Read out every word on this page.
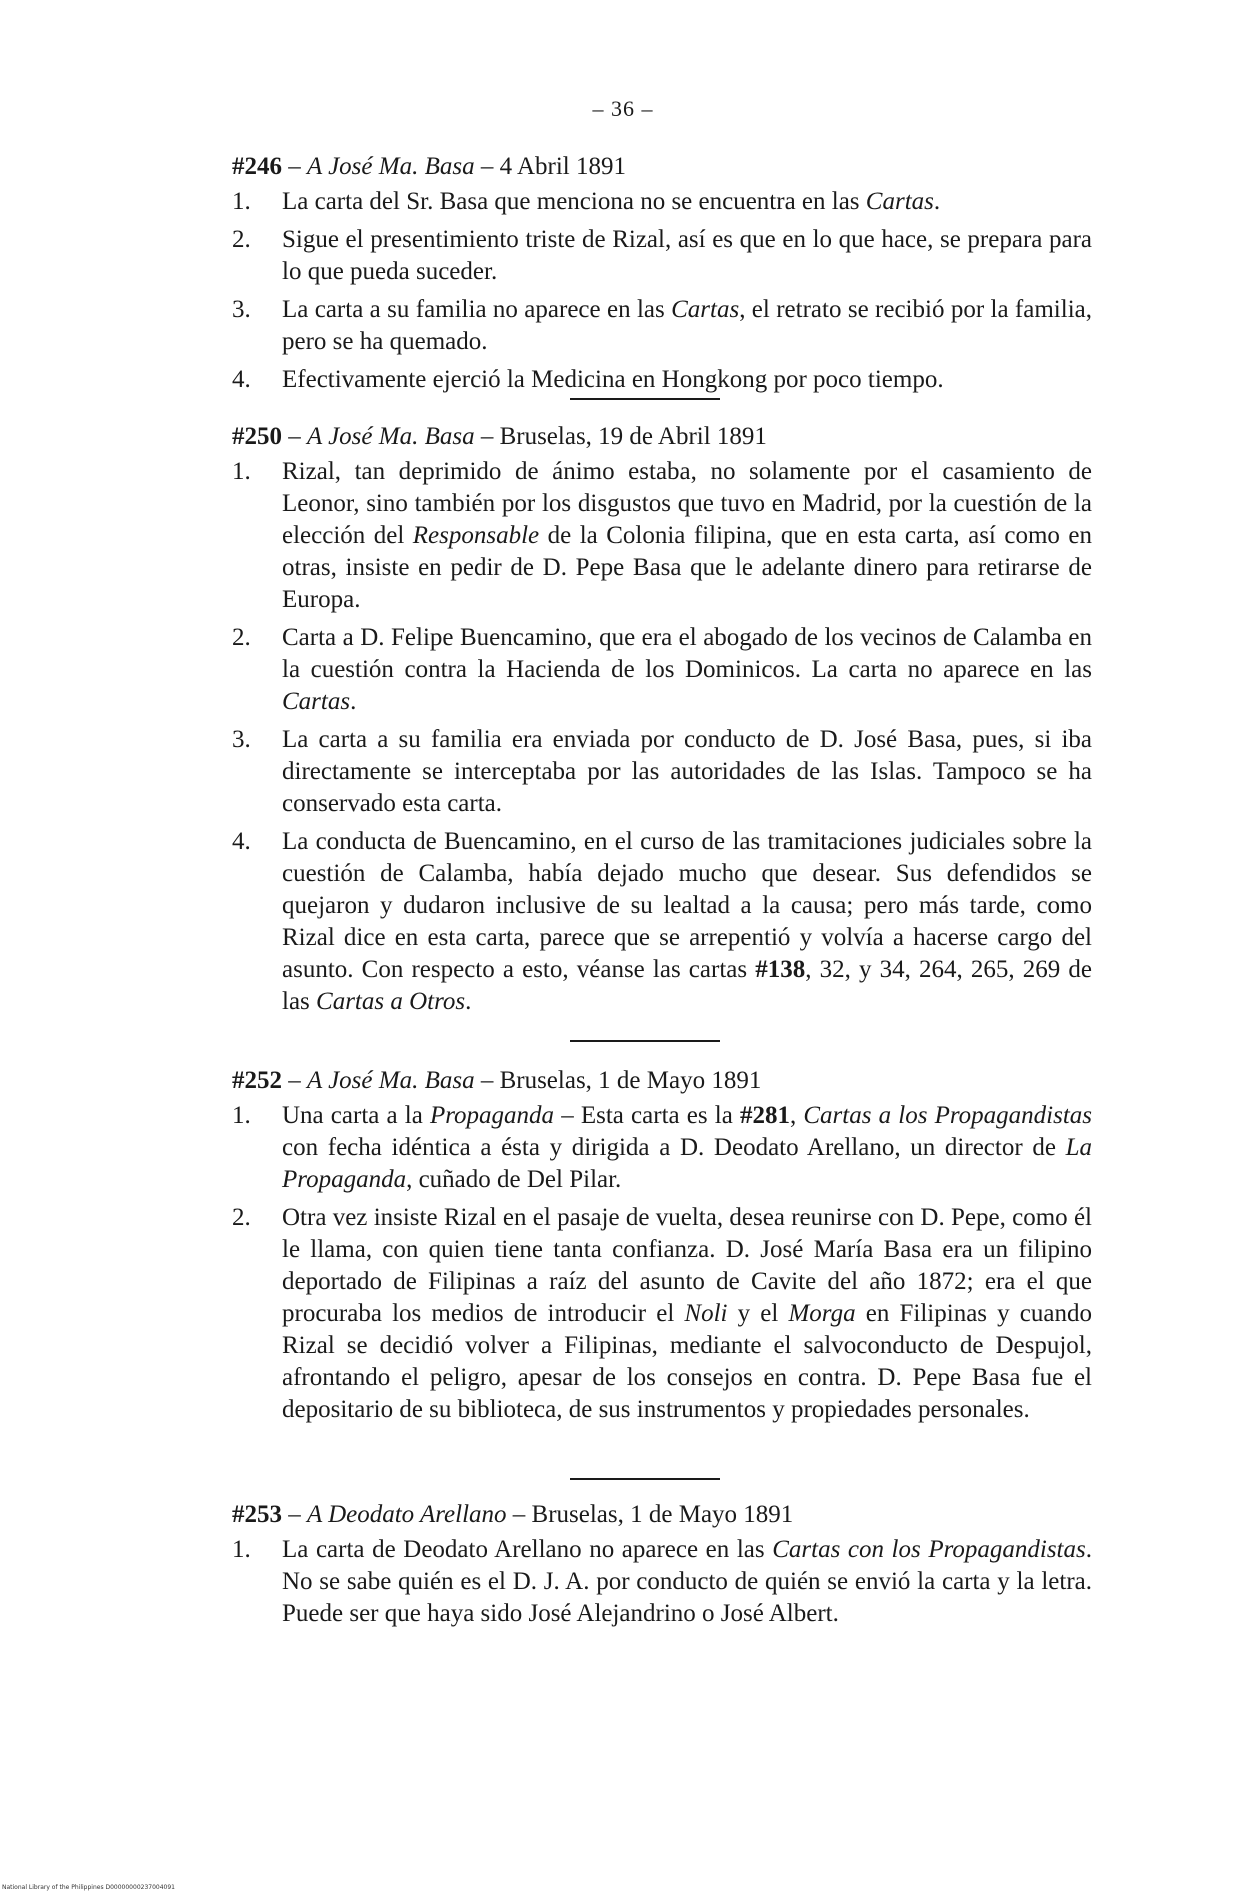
– 36 –
#246 – A José Ma. Basa – 4 Abril 1891
1. La carta del Sr. Basa que menciona no se encuentra en las Cartas.
2. Sigue el presentimiento triste de Rizal, así es que en lo que hace, se prepara para lo que pueda suceder.
3. La carta a su familia no aparece en las Cartas, el retrato se recibió por la familia, pero se ha quemado.
4. Efectivamente ejerció la Medicina en Hongkong por poco tiempo.
#250 – A José Ma. Basa – Bruselas, 19 de Abril 1891
1. Rizal, tan deprimido de ánimo estaba, no solamente por el casamiento de Leonor, sino también por los disgustos que tuvo en Madrid, por la cuestión de la elección del Responsable de la Colonia filipina, que en esta carta, así como en otras, insiste en pedir de D. Pepe Basa que le adelante dinero para retirarse de Europa.
2. Carta a D. Felipe Buencamino, que era el abogado de los vecinos de Calamba en la cuestión contra la Hacienda de los Dominicos. La carta no aparece en las Cartas.
3. La carta a su familia era enviada por conducto de D. José Basa, pues, si iba directamente se interceptaba por las autoridades de las Islas. Tampoco se ha conservado esta carta.
4. La conducta de Buencamino, en el curso de las tramitaciones judiciales sobre la cuestión de Calamba, había dejado mucho que desear. Sus defendidos se quejaron y dudaron inclusive de su lealtad a la causa; pero más tarde, como Rizal dice en esta carta, parece que se arrepentió y volvía a hacerse cargo del asunto. Con respecto a esto, véanse las cartas #138, 32, y 34, 264, 265, 269 de las Cartas a Otros.
#252 – A José Ma. Basa – Bruselas, 1 de Mayo 1891
1. Una carta a la Propaganda – Esta carta es la #281, Cartas a los Propagandistas con fecha idéntica a ésta y dirigida a D. Deodato Arellano, un director de La Propaganda, cuñado de Del Pilar.
2. Otra vez insiste Rizal en el pasaje de vuelta, desea reunirse con D. Pepe, como él le llama, con quien tiene tanta confianza. D. José María Basa era un filipino deportado de Filipinas a raíz del asunto de Cavite del año 1872; era el que procuraba los medios de introducir el Noli y el Morga en Filipinas y cuando Rizal se decidió volver a Filipinas, mediante el salvoconducto de Despujol, afrontando el peligro, apesar de los consejos en contra. D. Pepe Basa fue el depositario de su biblioteca, de sus instrumentos y propiedades personales.
#253 – A Deodato Arellano – Bruselas, 1 de Mayo 1891
1. La carta de Deodato Arellano no aparece en las Cartas con los Propagandistas. No se sabe quién es el D. J. A. por conducto de quién se envió la carta y la letra. Puede ser que haya sido José Alejandrino o José Albert.
National Library of the Philippines D00000000237004091
